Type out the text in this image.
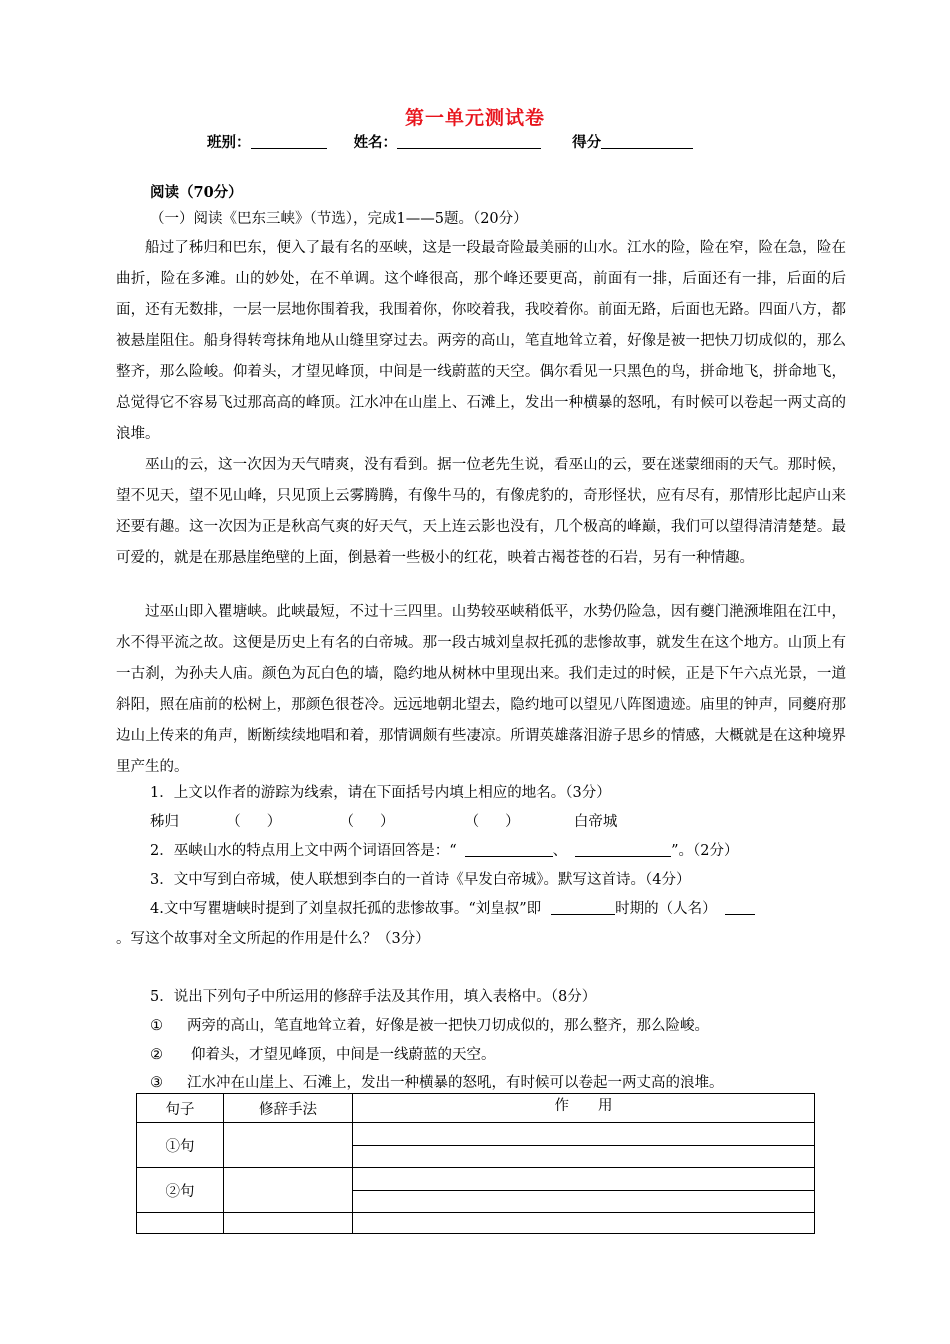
第一单元测试卷
班别：	姓名：	得分
阅读（70分）
（一）阅读《巴东三峡》（节选），完成1——5题。（20分）

船过了秭归和巴东，便入了最有名的巫峡，这是一段最奇险最美丽的山水。江水的险，险在窄，险在急，险在曲折，险在多滩。山的妙处，在不单调。这个峰很高，那个峰还要更高，前面有一排，后面还有一排，后面的后面，还有无数排，一层一层地你围着我，我围着你，你咬着我，我咬着你。前面无路，后面也无路。四面八方，都被悬崖阻住。船身得转弯抹角地从山缝里穿过去。两旁的高山，笔直地耸立着，好像是被一把快刀切成似的，那么整齐，那么险峻。仰着头，才望见峰顶，中间是一线蔚蓝的天空。偶尔看见一只黑色的鸟，拼命地飞，拼命地飞，总觉得它不容易飞过那高高的峰顶。江水冲在山崖上、石滩上，发出一种横暴的怒吼，有时候可以卷起一两丈高的浪堆。

巫山的云，这一次因为天气晴爽，没有看到。据一位老先生说，看巫山的云，要在迷蒙细雨的天气。那时候，望不见天，望不见山峰，只见顶上云雾腾腾，有像牛马的，有像虎豹的，奇形怪状，应有尽有，那情形比起庐山来还要有趣。这一次因为正是秋高气爽的好天气，天上连云影也没有，几个极高的峰巅，我们可以望得清清楚楚。最可爱的，就是在那悬崖绝壁的上面，倒悬着一些极小的红花，映着古褐苍苍的石岩，另有一种情趣。

过巫山即入瞿塘峡。此峡最短，不过十三四里。山势较巫峡稍低平，水势仍险急，因有夔门滟滪堆阻在江中，水不得平流之故。这便是历史上有名的白帝城。那一段古城刘皇叔托孤的悲惨故事，就发生在这个地方。山顶上有一古刹，为孙夫人庙。颜色为瓦白色的墙，隐约地从树林中里现出来。我们走过的时候，正是下午六点光景，一道斜阳，照在庙前的松树上，那颜色很苍冷。远远地朝北望去，隐约地可以望见八阵图遗迹。庙里的钟声，同夔府那边山上传来的角声，断断续续地唱和着，那情调颇有些凄凉。所谓英雄落泪游子思乡的情感，大概就是在这种境界里产生的。

1．上文以作者的游踪为线索，请在下面括号内填上相应的地名。（3分）
秭归	（ ）	（ ）	（ ）	白帝城
2．巫峡山水的特点用上文中两个词语回答是：“	、	”。（2分）
3．文中写到白帝城，使人联想到李白的一首诗《早发白帝城》。默写这首诗。（4分）
4.文中写瞿塘峡时提到了刘皇叔托孤的悲惨故事。“刘皇叔”即	时期的（人名）
。写这个故事对全文所起的作用是什么？（3分）
5．说出下列句子中所运用的修辞手法及其作用，填入表格中。（8分）
① 两旁的高山，笔直地耸立着，好像是被一把快刀切成似的，那么整齐，那么险峻。
② 仰着头，才望见峰顶，中间是一线蔚蓝的天空。
③ 江水冲在山崖上、石滩上，发出一种横暴的怒吼，有时候可以卷起一两丈高的浪堆。
句子	修辞手法	作　　用
①句		

②句		
